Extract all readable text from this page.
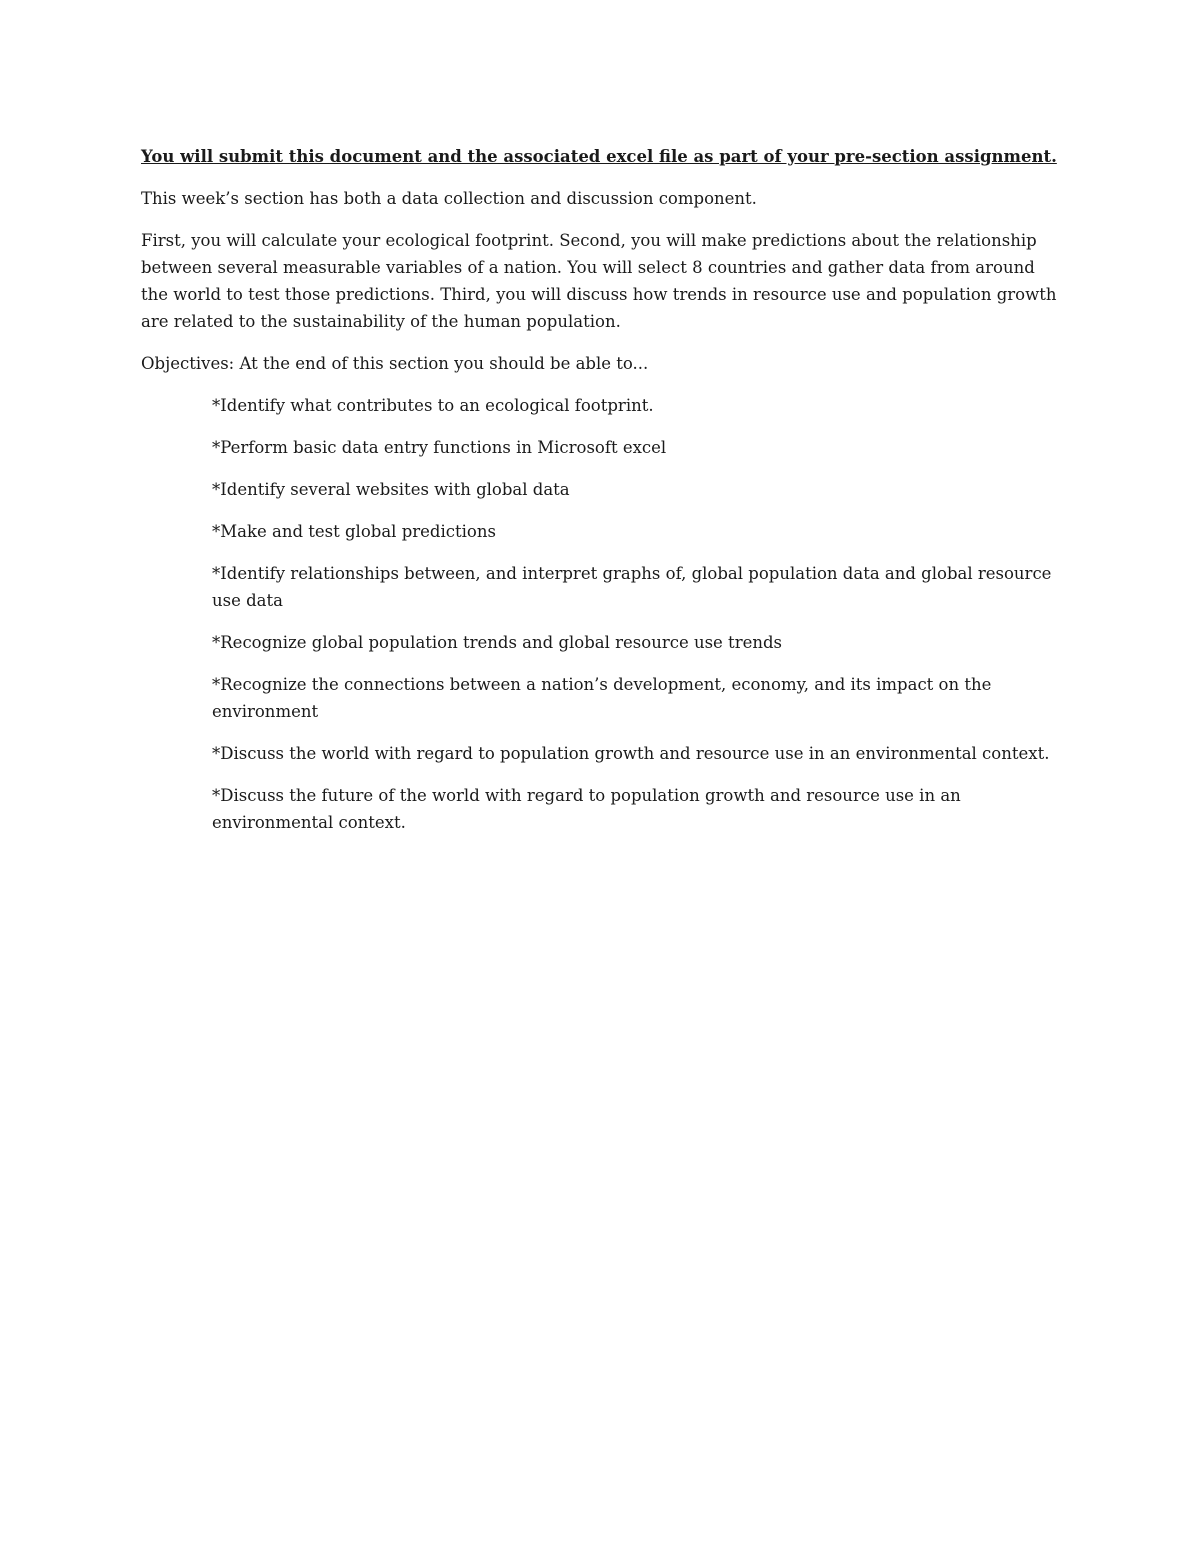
You will submit this document and the associated excel file as part of your pre-section assignment.

This week’s section has both a data collection and discussion component.

First, you will calculate your ecological footprint. Second, you will make predictions about the relationship between several measurable variables of a nation. You will select 8 countries and gather data from around the world to test those predictions. Third, you will discuss how trends in resource use and population growth are related to the sustainability of the human population.

Objectives: At the end of this section you should be able to...

*Identify what contributes to an ecological footprint.
*Perform basic data entry functions in Microsoft excel
*Identify several websites with global data
*Make and test global predictions
*Identify relationships between, and interpret graphs of, global population data and global resource use data
*Recognize global population trends and global resource use trends
*Recognize the connections between a nation’s development, economy, and its impact on the environment
*Discuss the world with regard to population growth and resource use in an environmental context.
*Discuss the future of the world with regard to population growth and resource use in an environmental context.
